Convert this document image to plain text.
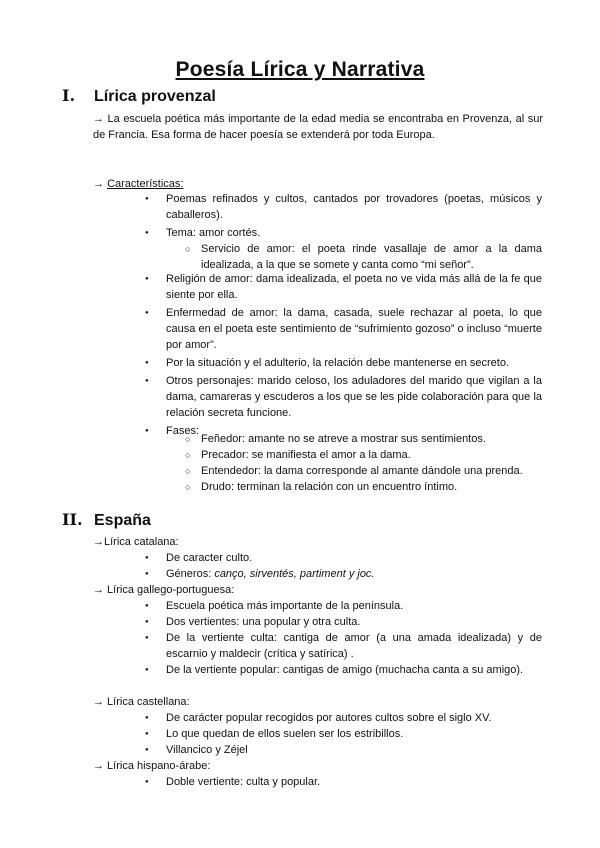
Poesía Lírica y Narrativa
I. Lírica provenzal

→ La escuela poética más importante de la edad media se encontraba en Provenza, al sur de Francia. Esa forma de hacer poesía se extenderá por toda Europa.

→ Características:

● Poemas refinados y cultos, cantados por trovadores (poetas, músicos y caballeros).
● Tema: amor cortés.
○ Servicio de amor: el poeta rinde vasallaje de amor a la dama idealizada, a la que se somete y canta como “mi señor”.
● Religión de amor: dama idealizada, el poeta no ve vida más allá de la fe que siente por ella.
● Enfermedad de amor: la dama, casada, suele rechazar al poeta, lo que causa en el poeta este sentimiento de “sufrimiento gozoso” o incluso “muerte por amor”.
● Por la situación y el adulterio, la relación debe mantenerse en secreto.
● Otros personajes: marido celoso, los aduladores del marido que vigilan a la dama, camareras y escuderos a los que se les pide colaboración para que la relación secreta funcione.
● Fases:
○ Feñedor: amante no se atreve a mostrar sus sentimientos.
○ Precador: se manifiesta el amor a la dama.
○ Entendedor: la dama corresponde al amante dándole una prenda.
○ Drudo: terminan la relación con un encuentro íntimo.
II. España

→Lírica catalana:

● De caracter culto.
● Géneros: canço, sirventés, partiment y joc.

→ Lírica gallego-portuguesa:

● Escuela poética más importante de la península.
● Dos vertientes: una popular y otra culta.
● De la vertiente culta: cantiga de amor (a una amada idealizada) y de escarnio y maldecir (crítica y satírica) .
● De la vertiente popular: cantigas de amigo (muchacha canta a su amigo).

→ Lírica castellana:

● De carácter popular recogidos por autores cultos sobre el siglo XV.
● Lo que quedan de ellos suelen ser los estribillos.
● Villancico y Zéjel

→ Lírica hispano-árabe:

● Doble vertiente: culta y popular.
